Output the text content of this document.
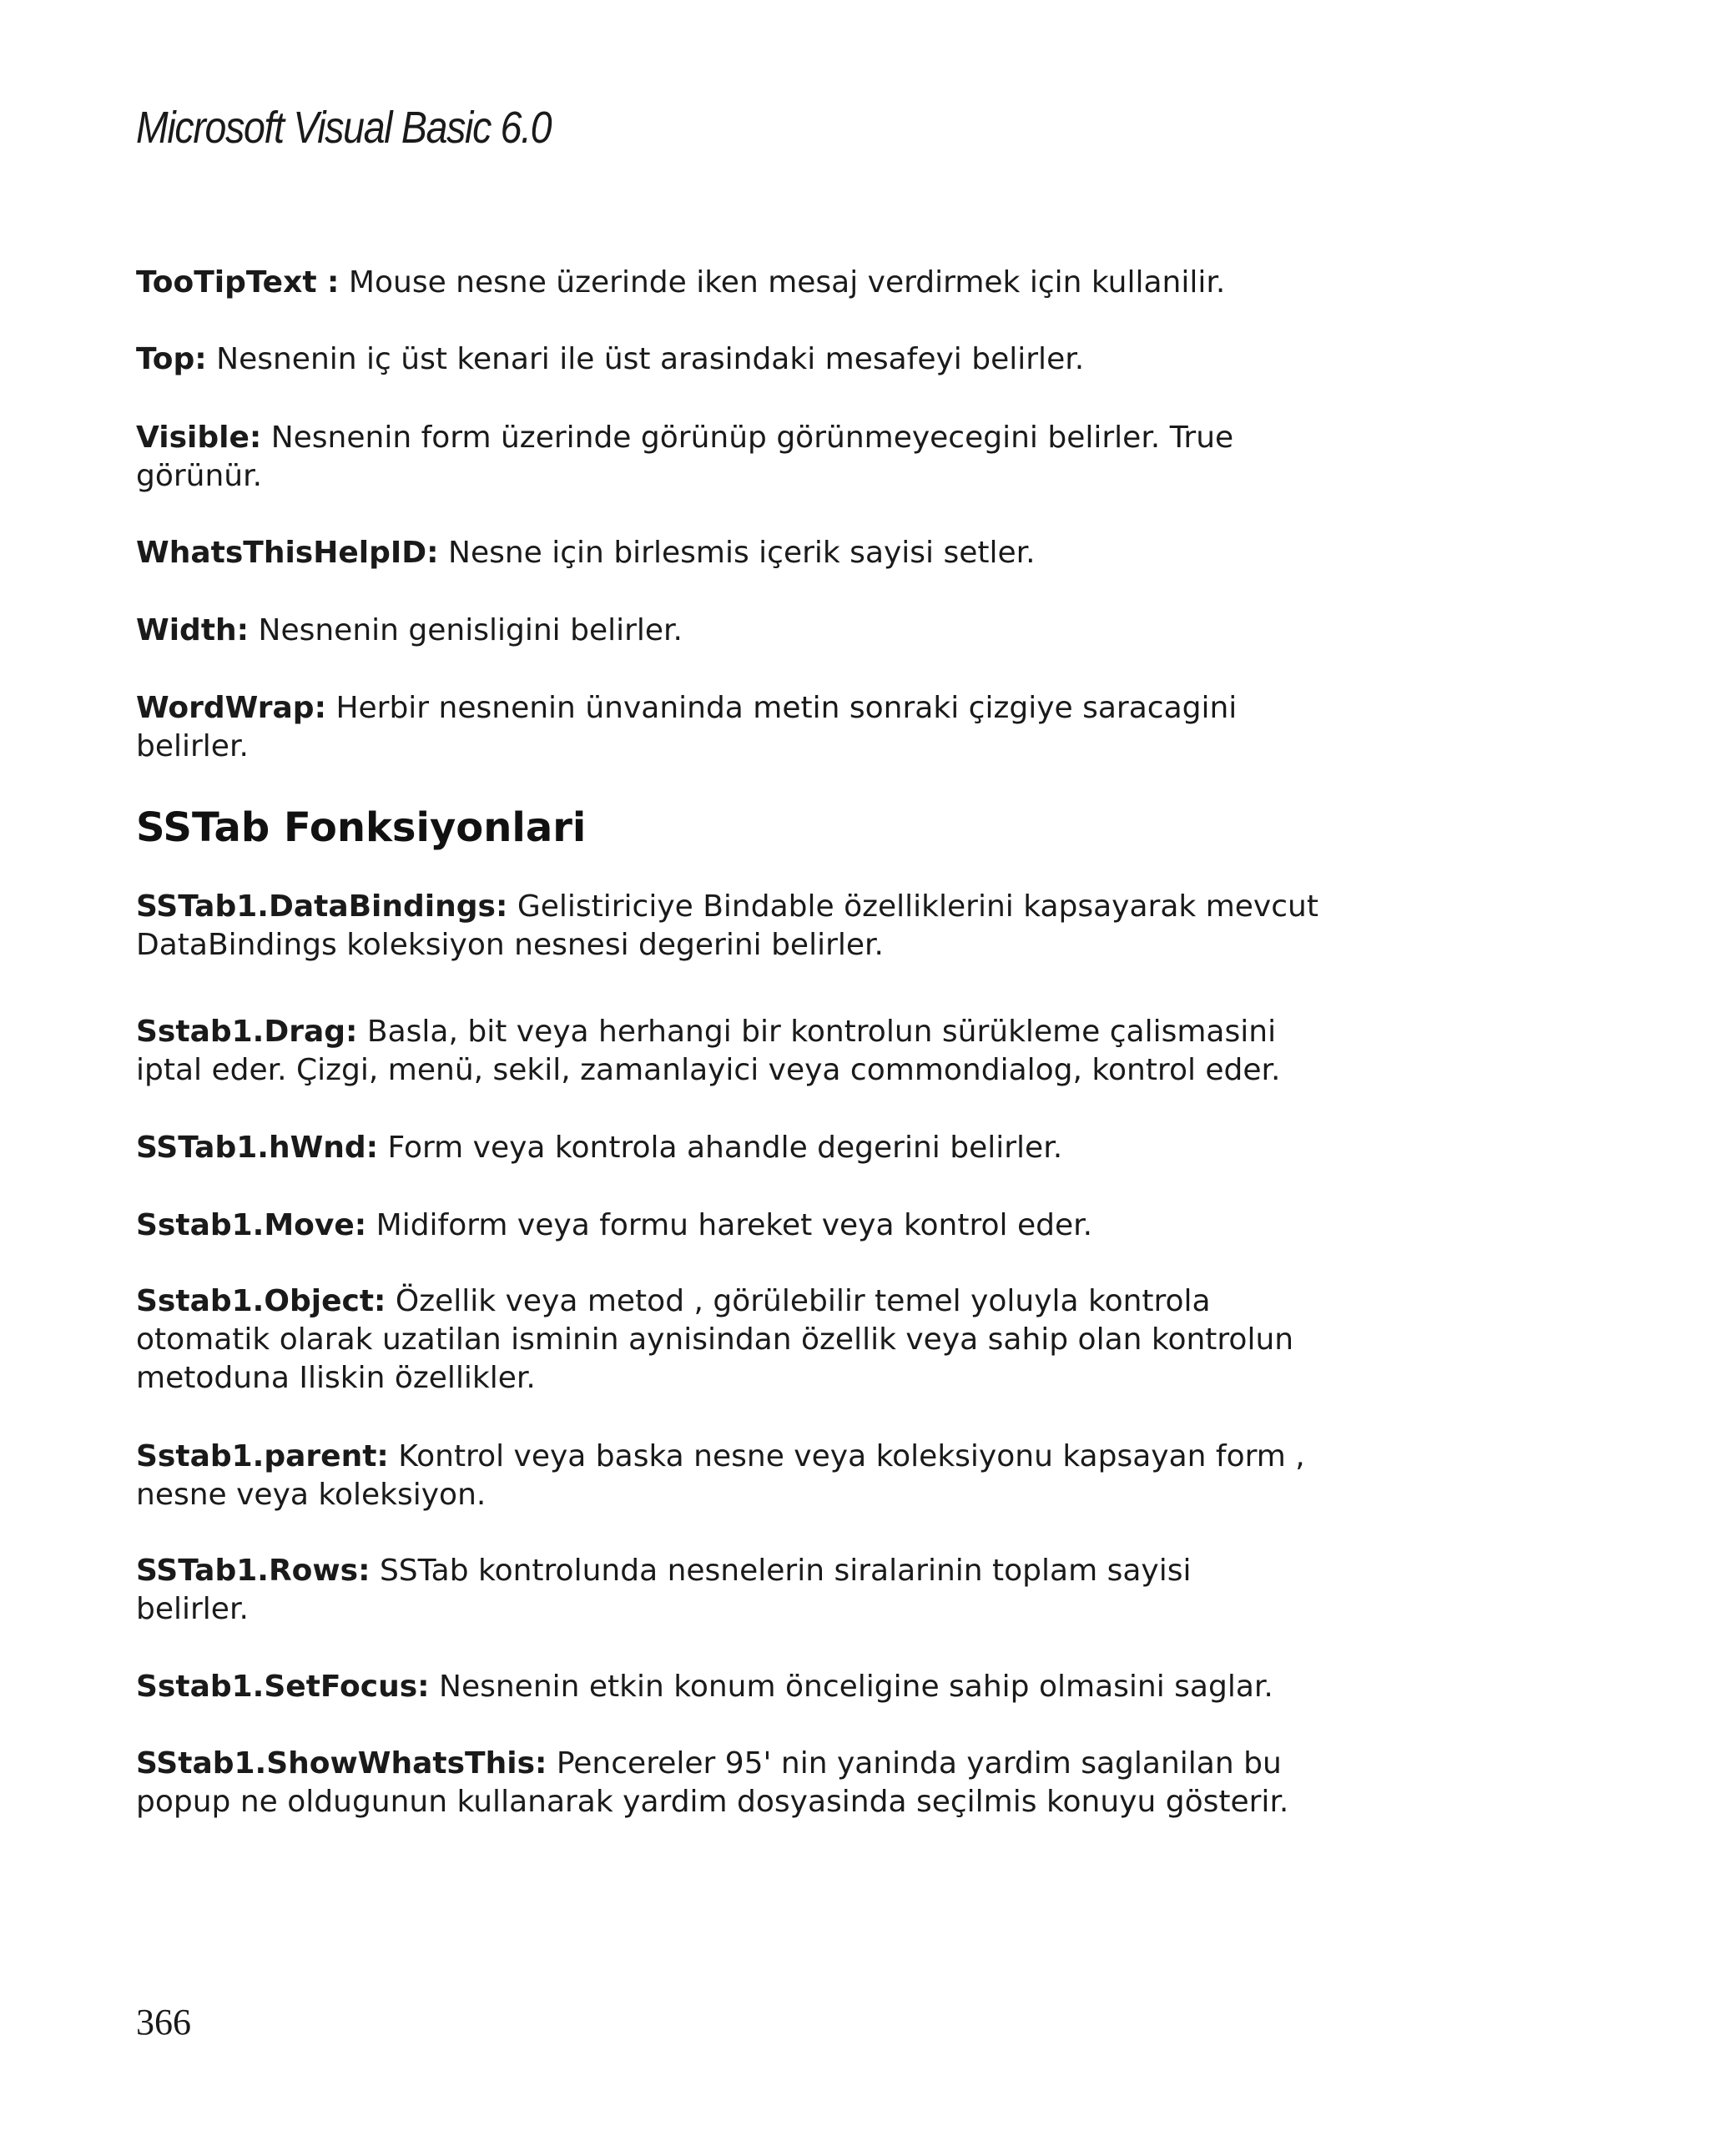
Microsoft Visual Basic 6.0
TooTipText : Mouse nesne üzerinde iken mesaj verdirmek için kullanilir.
Top: Nesnenin iç üst kenari ile üst arasindaki mesafeyi belirler.
Visible: Nesnenin form üzerinde görünüp görünmeyecegini belirler. True
görünür.
WhatsThisHelpID: Nesne için birlesmis içerik sayisi setler.
Width: Nesnenin genisligini belirler.
WordWrap: Herbir nesnenin ünvaninda metin sonraki çizgiye saracagini
belirler.
SSTab Fonksiyonlari
SSTab1.DataBindings: Gelistiriciye Bindable özelliklerini kapsayarak mevcut
DataBindings koleksiyon nesnesi degerini belirler.
Sstab1.Drag: Basla, bit veya herhangi bir kontrolun sürükleme çalismasini
iptal eder. Çizgi, menü, sekil, zamanlayici veya commondialog, kontrol eder.
SSTab1.hWnd: Form veya kontrola ahandle degerini belirler.
Sstab1.Move: Midiform veya formu hareket veya kontrol eder.
Sstab1.Object: Özellik veya metod , görülebilir temel yoluyla kontrola
otomatik olarak uzatilan isminin aynisindan özellik veya sahip olan kontrolun
metoduna Iliskin özellikler.
Sstab1.parent: Kontrol veya baska nesne veya koleksiyonu kapsayan form ,
nesne veya koleksiyon.
SSTab1.Rows: SSTab kontrolunda nesnelerin siralarinin toplam sayisi
belirler.
Sstab1.SetFocus: Nesnenin etkin konum önceligine sahip olmasini saglar.
SStab1.ShowWhatsThis: Pencereler 95' nin yaninda yardim saglanilan bu
popup ne oldugunun kullanarak yardim dosyasinda seçilmis konuyu gösterir.
366
